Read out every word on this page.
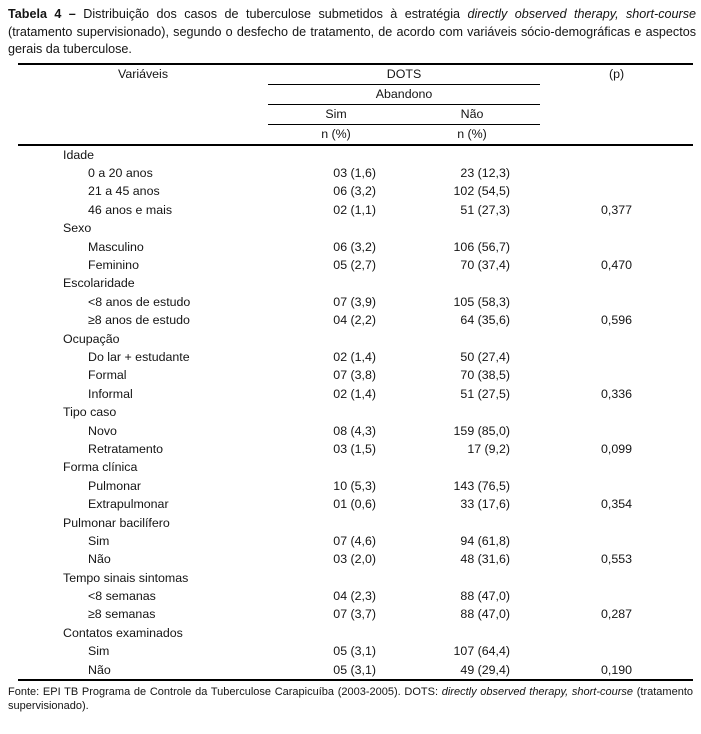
Tabela 4 – Distribuição dos casos de tuberculose submetidos à estratégia directly observed therapy, short-course (tratamento supervisionado), segundo o desfecho de tratamento, de acordo com variáveis sócio-demográficas e aspectos gerais da tuberculose.

Variáveis	DOTS		(p)
	Abandono		
	Sim	Não	
	n (%)	n (%)	
Idade			
0 a 20 anos	03 (1,6)	23 (12,3)	
21 a 45 anos	06 (3,2)	102 (54,5)	
46 anos e mais	02 (1,1)	51 (27,3)	0,377
Sexo			
Masculino	06 (3,2)	106 (56,7)	
Feminino	05 (2,7)	70 (37,4)	0,470
Escolaridade			
<8 anos de estudo	07 (3,9)	105 (58,3)	
≥8 anos de estudo	04 (2,2)	64 (35,6)	0,596
Ocupação			
Do lar + estudante	02 (1,4)	50 (27,4)	
Formal	07 (3,8)	70 (38,5)	
Informal	02 (1,4)	51 (27,5)	0,336
Tipo caso			
Novo	08 (4,3)	159 (85,0)	
Retratamento	03 (1,5)	17 (9,2)	0,099
Forma clínica			
Pulmonar	10 (5,3)	143 (76,5)	
Extrapulmonar	01 (0,6)	33 (17,6)	0,354
Pulmonar bacilífero			
Sim	07 (4,6)	94 (61,8)	
Não	03 (2,0)	48 (31,6)	0,553
Tempo sinais sintomas			
<8 semanas	04 (2,3)	88 (47,0)	
≥8 semanas	07 (3,7)	88 (47,0)	0,287
Contatos examinados			
Sim	05 (3,1)	107 (64,4)	
Não	05 (3,1)	49 (29,4)	0,190

Fonte: EPI TB Programa de Controle da Tuberculose Carapicuíba (2003-2005). DOTS: directly observed therapy, short-course (tratamento supervisionado).
